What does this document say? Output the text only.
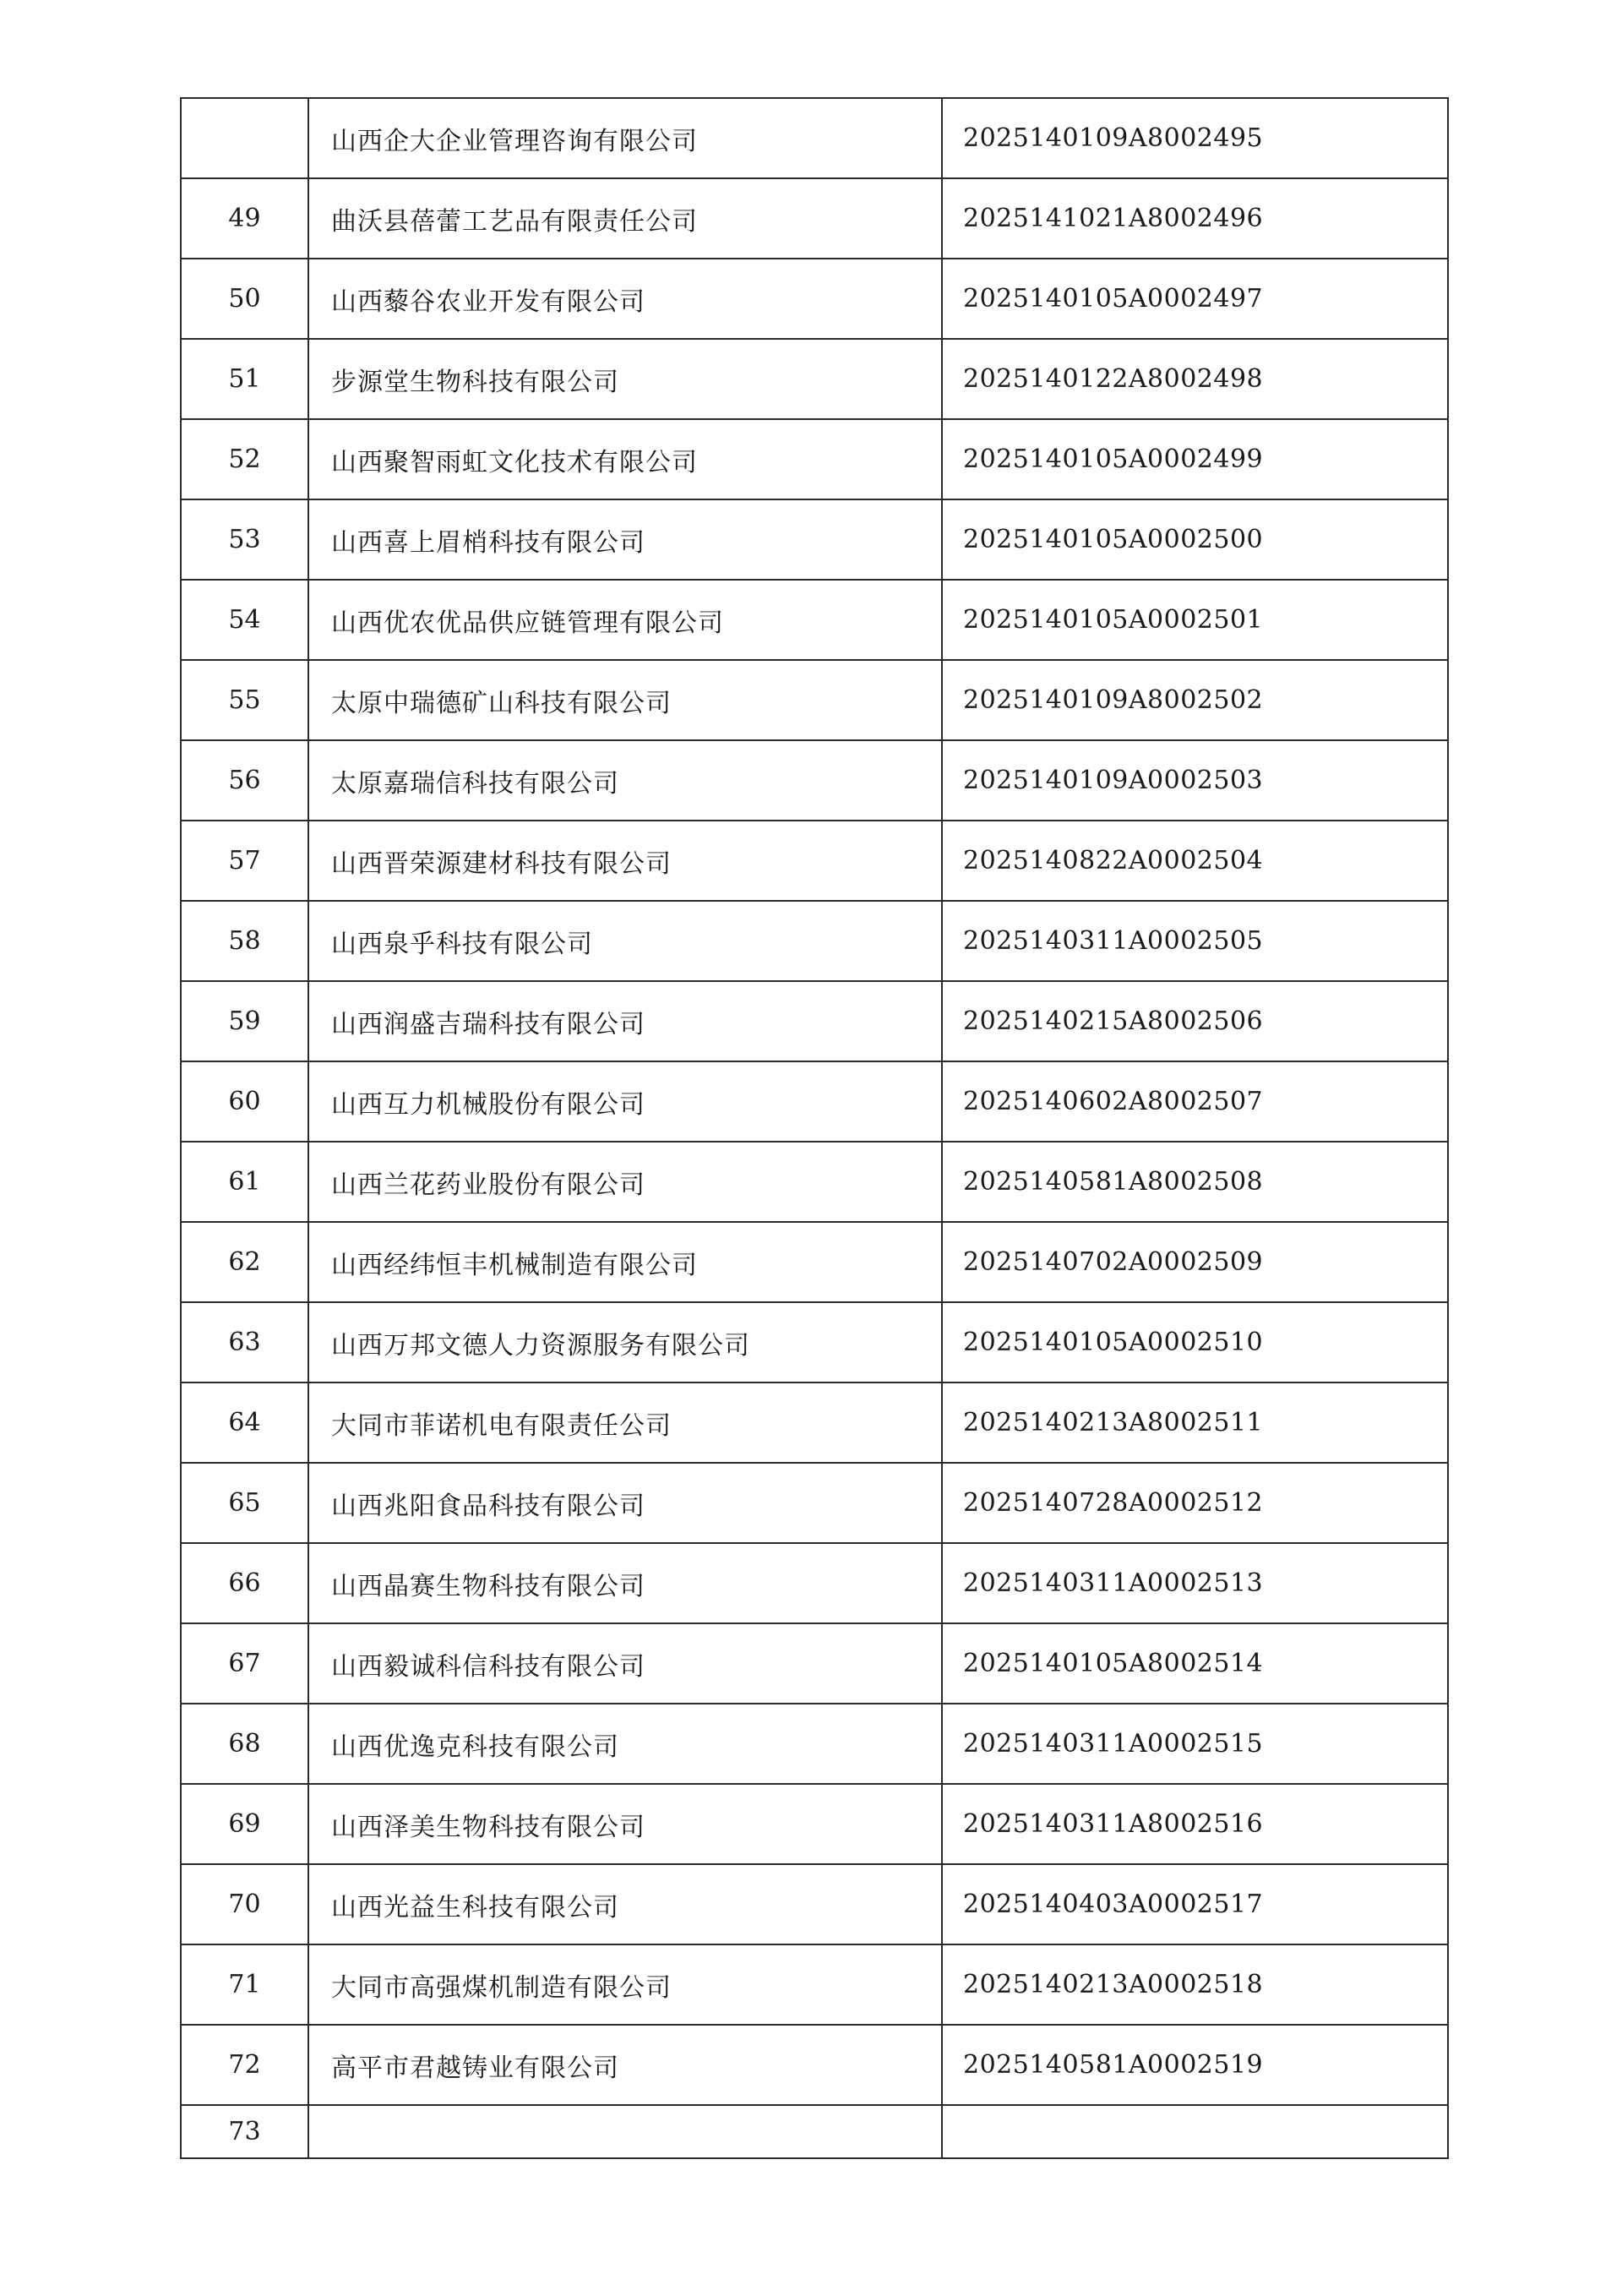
	山西企大企业管理咨询有限公司	2025140109A8002495
49	曲沃县蓓蕾工艺品有限责任公司	2025141021A8002496
50	山西藜谷农业开发有限公司	2025140105A0002497
51	步源堂生物科技有限公司	2025140122A8002498
52	山西聚智雨虹文化技术有限公司	2025140105A0002499
53	山西喜上眉梢科技有限公司	2025140105A0002500
54	山西优农优品供应链管理有限公司	2025140105A0002501
55	太原中瑞德矿山科技有限公司	2025140109A8002502
56	太原嘉瑞信科技有限公司	2025140109A0002503
57	山西晋荣源建材科技有限公司	2025140822A0002504
58	山西泉乎科技有限公司	2025140311A0002505
59	山西润盛吉瑞科技有限公司	2025140215A8002506
60	山西互力机械股份有限公司	2025140602A8002507
61	山西兰花药业股份有限公司	2025140581A8002508
62	山西经纬恒丰机械制造有限公司	2025140702A0002509
63	山西万邦文德人力资源服务有限公司	2025140105A0002510
64	大同市菲诺机电有限责任公司	2025140213A8002511
65	山西兆阳食品科技有限公司	2025140728A0002512
66	山西晶赛生物科技有限公司	2025140311A0002513
67	山西毅诚科信科技有限公司	2025140105A8002514
68	山西优逸克科技有限公司	2025140311A0002515
69	山西泽美生物科技有限公司	2025140311A8002516
70	山西光益生科技有限公司	2025140403A0002517
71	大同市高强煤机制造有限公司	2025140213A0002518
72	高平市君越铸业有限公司	2025140581A0002519
73		
